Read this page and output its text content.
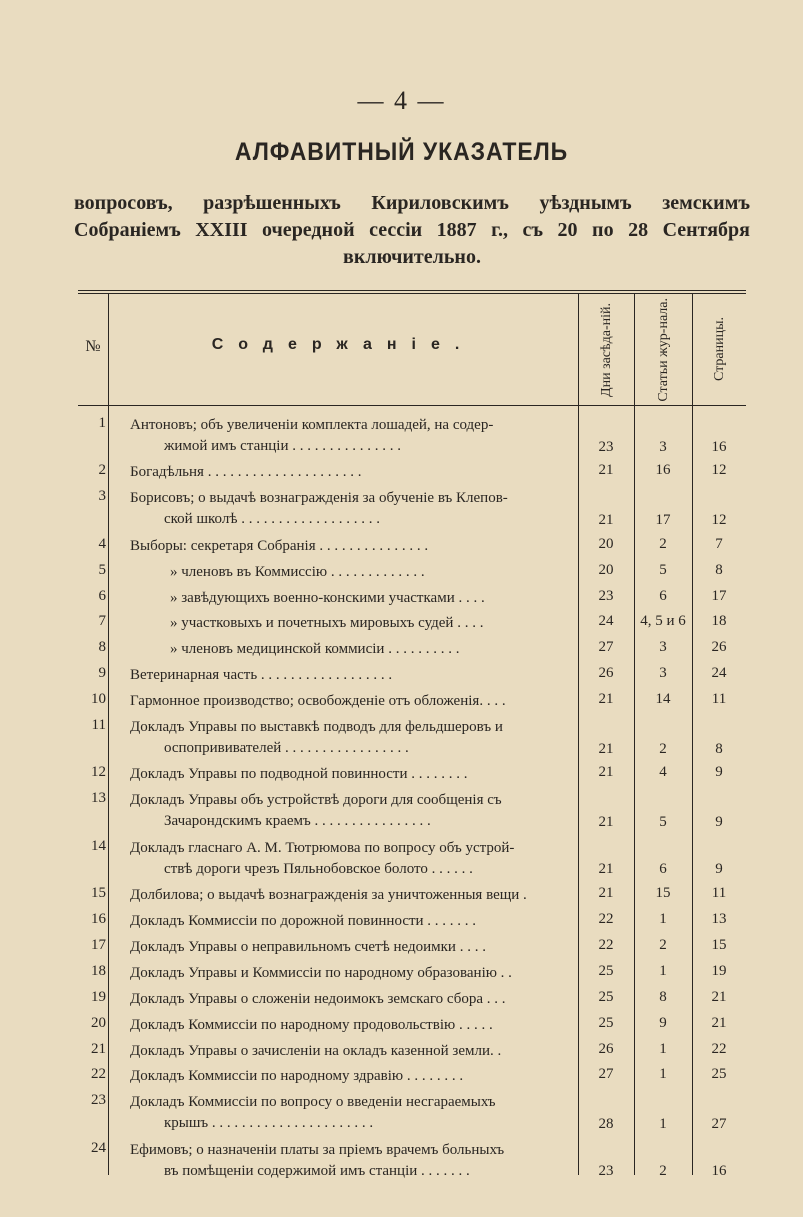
— 4 —
АЛФАВИТНЫЙ УКАЗАТЕЛЬ
вопросовъ, разрѣшенныхъ Кириловскимъ уѣзднымъ земскимъ
Собраніемъ XXIII очередной сессіи 1887 г., съ 20 по 28 Сентября
включительно.
№	Содержаніе.	Дни засѣда-ній.	Статьи жур-нала.	Страницы.
1 Антоновъ; объ увеличеніи комплекта лошадей, на содер-
жимой имъ станціи . . . . . . . . . . . . . . .	23	3	16
2 Богадѣльня . . . . . . . . . . . . . . . . . . . . .	21	16	12
3 Борисовъ; о выдачѣ вознагражденія за обученіе въ Клепов-
ской школѣ . . . . . . . . . . . . . . . . . . .	21	17	12
4 Выборы: секретаря Собранія . . . . . . . . . . . . . . .	20	2	7
5	» членовъ въ Коммиссію . . . . . . . . . . . . .	20	5	8
6	» завѣдующихъ военно-конскими участками . . . .	23	6	17
7	» участковыхъ и почетныхъ мировыхъ судей . . . .	24	4, 5 и 6	18
8	» членовъ медицинской коммисіи . . . . . . . . . .	27	3	26
9 Ветеринарная часть . . . . . . . . . . . . . . . . . .	26	3	24
10 Гармонное производство; освобожденіе отъ обложенія. . . .	21	14	11
11 Докладъ Управы по выставкѣ подводъ для фельдшеровъ и
оспопрививателей . . . . . . . . . . . . . . . . .	21	2	8
12 Докладъ Управы по подводной повинности . . . . . . . .	21	4	9
13 Докладъ Управы объ устройствѣ дороги для сообщенія съ
Зачарондскимъ краемъ . . . . . . . . . . . . . . . .	21	5	9
14 Докладъ гласнаго А. М. Тютрюмова по вопросу объ устрой-
ствѣ дороги чрезъ Пяльнобовское болото . . . . . .	21	6	9
15 Долбилова; о выдачѣ вознагражденія за уничтоженныя вещи .	21	15	11
16 Докладъ Коммиссіи по дорожной повинности . . . . . . .	22	1	13
17 Докладъ Управы о неправильномъ счетѣ недоимки . . . .	22	2	15
18 Докладъ Управы и Коммиссіи по народному образованію . .	25	1	19
19 Докладъ Управы о сложеніи недоимокъ земскаго сбора . . .	25	8	21
20 Докладъ Коммиссіи по народному продовольствію . . . . .	25	9	21
21 Докладъ Управы о зачисленіи на окладъ казенной земли. .	26	1	22
22 Докладъ Коммиссіи по народному здравію . . . . . . . .	27	1	25
23 Докладъ Коммиссіи по вопросу о введеніи несгараемыхъ
крышъ . . . . . . . . . . . . . . . . . . . . . .	28	1	27
24 Ефимовъ; о назначеніи платы за пріемъ врачемъ больныхъ
въ помѣщеніи содержимой имъ станціи . . . . . . .	23	2	16
